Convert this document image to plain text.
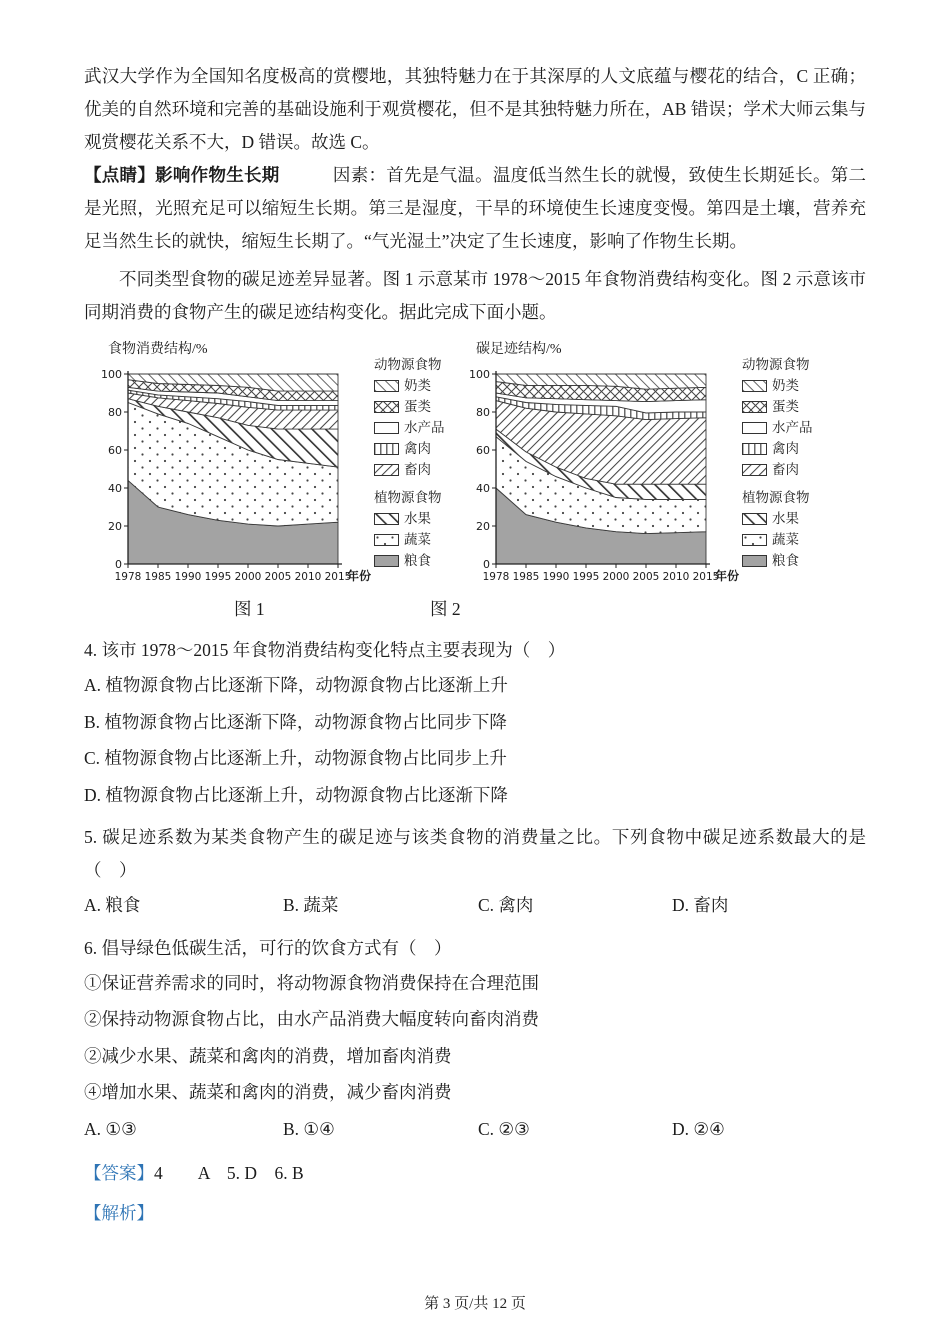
武汉大学作为全国知名度极高的赏樱地，其独特魅力在于其深厚的人文底蕴与樱花的结合，C 正确；优美的自然环境和完善的基础设施利于观赏樱花，但不是其独特魅力所在，AB 错误；学术大师云集与观赏樱花关系不大，D 错误。故选 C。

【点睛】影响作物生长期　　　因素：首先是气温。温度低当然生长的就慢，致使生长期延长。第二是光照，光照充足可以缩短生长期。第三是湿度，干旱的环境使生长速度变慢。第四是土壤，营养充足当然生长的就快，缩短生长期了。“气光湿土”决定了生长速度，影响了作物生长期。

不同类型食物的碳足迹差异显著。图 1 示意某市 1978～2015 年食物消费结构变化。图 2 示意该市同期消费的食物产生的碳足迹结构变化。据此完成下面小题。

食物消费结构/%
0
20
40
60
80
100
1978 1985 1990 1995 2000 2005 2010 2015
年份
动物源食物
奶类
蛋类
水产品
禽肉
畜肉
植物源食物
水果
蔬菜
粮食
碳足迹结构/%
0
20
40
60
80
100
1978 1985 1990 1995 2000 2005 2010 2015
年份
动物源食物
奶类
蛋类
水产品
禽肉
畜肉
植物源食物
水果
蔬菜
粮食
图 1	图 2

4. 该市 1978～2015 年食物消费结构变化特点主要表现为（　）

A. 植物源食物占比逐渐下降，动物源食物占比逐渐上升

B. 植物源食物占比逐渐下降，动物源食物占比同步下降

C. 植物源食物占比逐渐上升，动物源食物占比同步上升

D. 植物源食物占比逐渐上升，动物源食物占比逐渐下降

5. 碳足迹系数为某类食物产生的碳足迹与该类食物的消费量之比。下列食物中碳足迹系数最大的是（　）

A. 粮食	B. 蔬菜	C. 禽肉	D. 畜肉

6. 倡导绿色低碳生活，可行的饮食方式有（　）

①保证营养需求的同时，将动物源食物消费保持在合理范围

②保持动物源食物占比，由水产品消费大幅度转向畜肉消费

②减少水果、蔬菜和禽肉的消费，增加畜肉消费

④增加水果、蔬菜和禽肉的消费，减少畜肉消费

A. ①③	B. ①④	C. ②③	D. ②④

【答案】4　　A　5. D　6. B

【解析】

第 3 页/共 12 页
